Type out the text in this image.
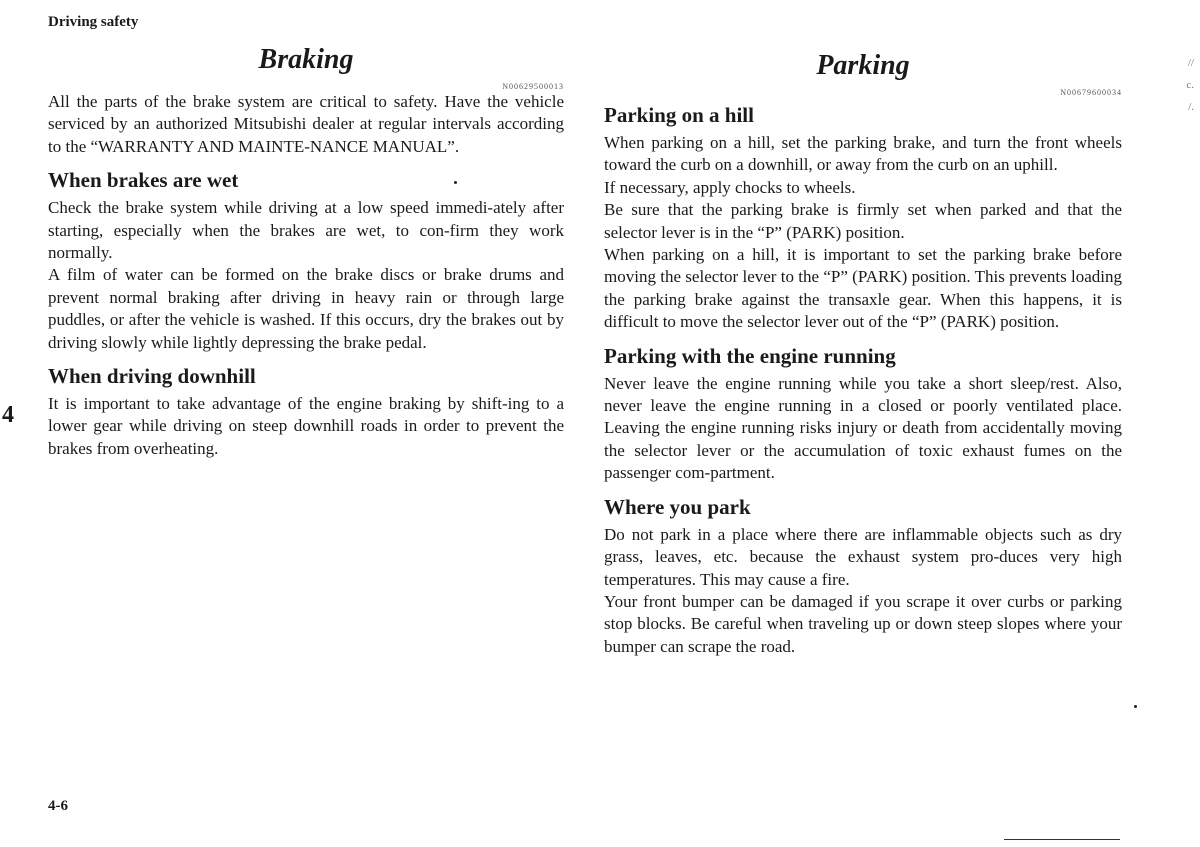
Driving safety
4
4-6
Braking
N00629500013

All the parts of the brake system are critical to safety. Have the vehicle serviced by an authorized Mitsubishi dealer at regular intervals according to the “WARRANTY AND MAINTE-NANCE MANUAL”.

When brakes are wet

Check the brake system while driving at a low speed immedi-ately after starting, especially when the brakes are wet, to con-firm they work normally.

A film of water can be formed on the brake discs or brake drums and prevent normal braking after driving in heavy rain or through large puddles, or after the vehicle is washed. If this occurs, dry the brakes out by driving slowly while lightly depressing the brake pedal.

When driving downhill

It is important to take advantage of the engine braking by shift-ing to a lower gear while driving on steep downhill roads in order to prevent the brakes from overheating.

Parking
N00679600034
Parking on a hill

When parking on a hill, set the parking brake, and turn the front wheels toward the curb on a downhill, or away from the curb on an uphill.

If necessary, apply chocks to wheels.

Be sure that the parking brake is firmly set when parked and that the selector lever is in the “P” (PARK) position.

When parking on a hill, it is important to set the parking brake before moving the selector lever to the “P” (PARK) position. This prevents loading the parking brake against the transaxle gear. When this happens, it is difficult to move the selector lever out of the “P” (PARK) position.

Parking with the engine running

Never leave the engine running while you take a short sleep/rest. Also, never leave the engine running in a closed or poorly ventilated place. Leaving the engine running risks injury or death from accidentally moving the selector lever or the accumulation of toxic exhaust fumes on the passenger com-partment.

Where you park

Do not park in a place where there are inflammable objects such as dry grass, leaves, etc. because the exhaust system pro-duces very high temperatures. This may cause a fire.

Your front bumper can be damaged if you scrape it over curbs or parking stop blocks. Be careful when traveling up or down steep slopes where your bumper can scrape the road.

//
c.
/.
